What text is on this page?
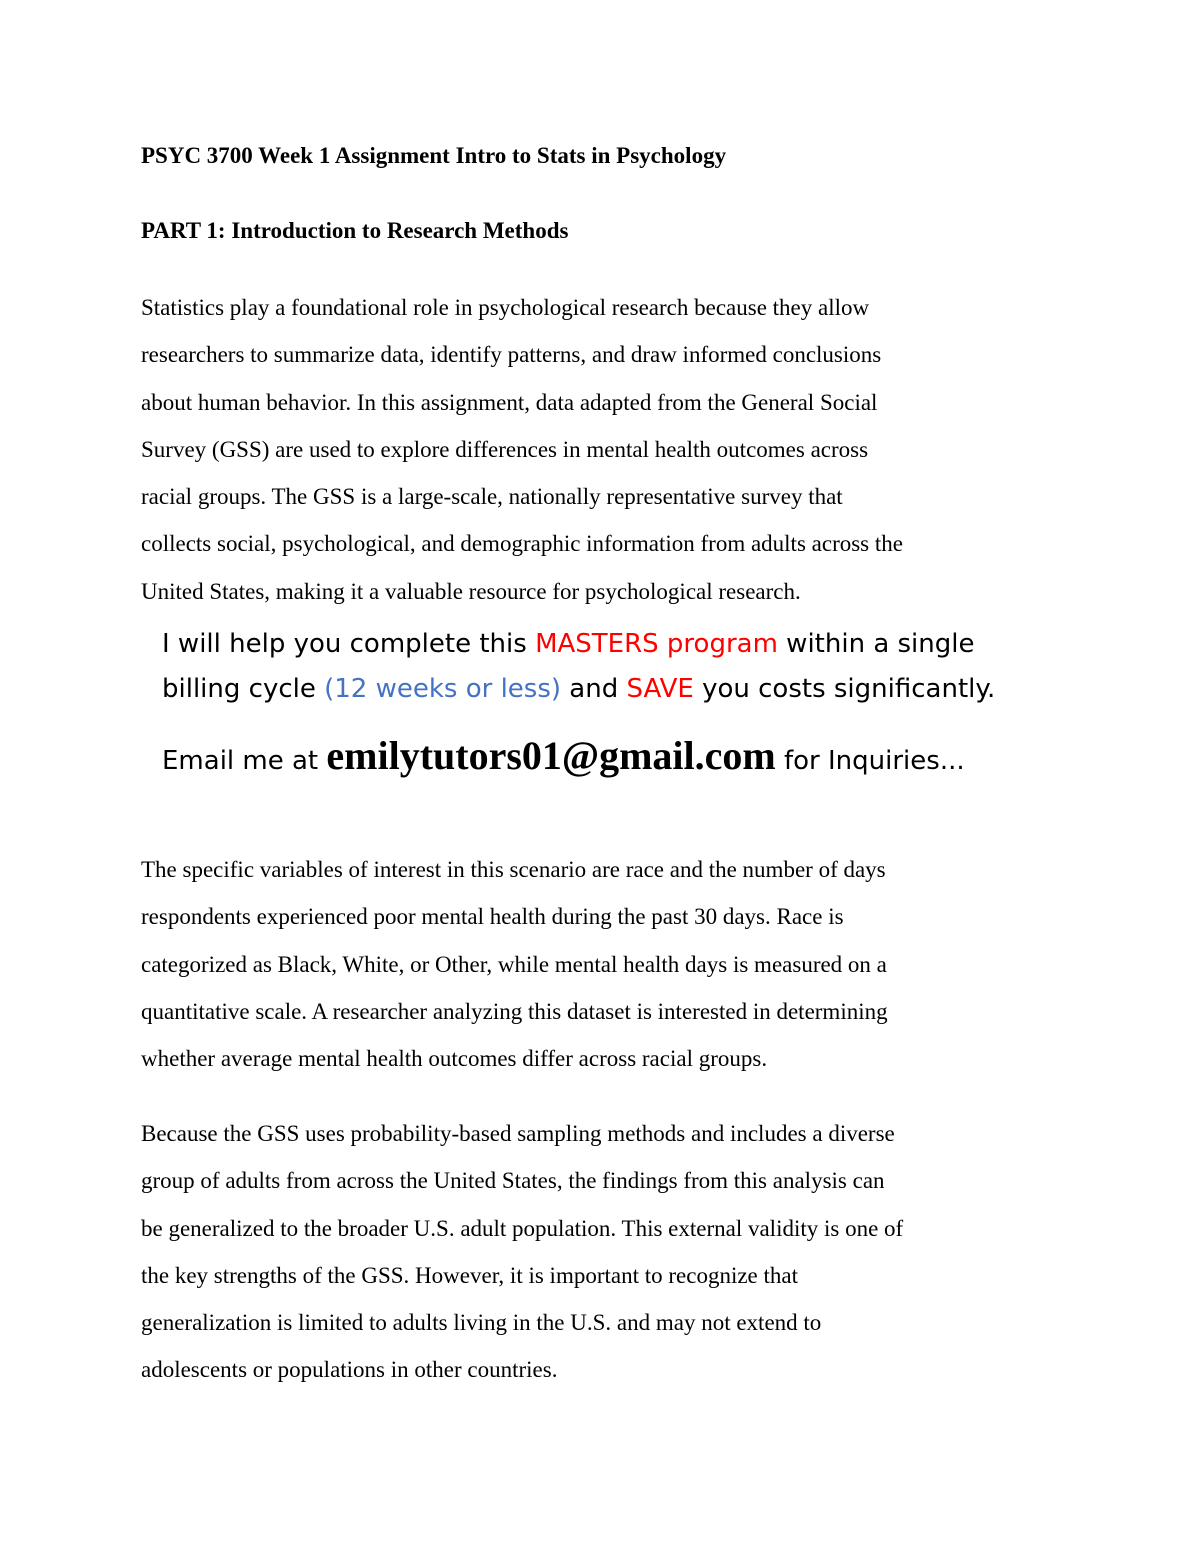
PSYC 3700 Week 1 Assignment Intro to Stats in Psychology
PART 1: Introduction to Research Methods
Statistics play a foundational role in psychological research because they allow
researchers to summarize data, identify patterns, and draw informed conclusions
about human behavior. In this assignment, data adapted from the General Social
Survey (GSS) are used to explore differences in mental health outcomes across
racial groups. The GSS is a large-scale, nationally representative survey that
collects social, psychological, and demographic information from adults across the
United States, making it a valuable resource for psychological research.
I will help you complete this MASTERS program within a single
billing cycle (12 weeks or less) and SAVE you costs significantly.
Email me at emilytutors01@gmail.com for Inquiries...
The specific variables of interest in this scenario are race and the number of days
respondents experienced poor mental health during the past 30 days. Race is
categorized as Black, White, or Other, while mental health days is measured on a
quantitative scale. A researcher analyzing this dataset is interested in determining
whether average mental health outcomes differ across racial groups.
Because the GSS uses probability-based sampling methods and includes a diverse
group of adults from across the United States, the findings from this analysis can
be generalized to the broader U.S. adult population. This external validity is one of
the key strengths of the GSS. However, it is important to recognize that
generalization is limited to adults living in the U.S. and may not extend to
adolescents or populations in other countries.
